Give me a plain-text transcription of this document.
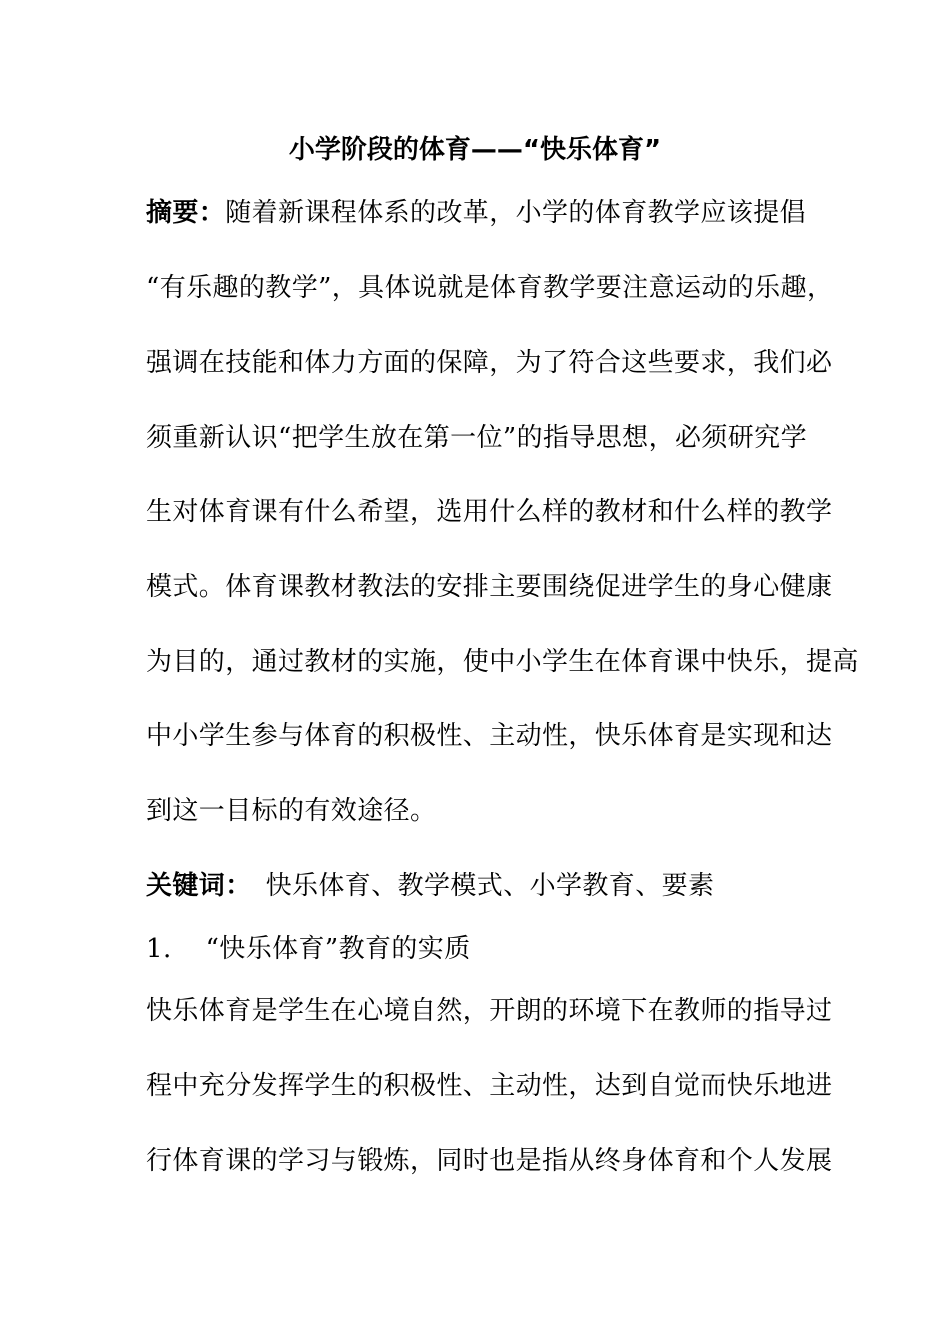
小学阶段的体育——“快乐体育”
摘要：随着新课程体系的改革，小学的体育教学应该提倡
“有乐趣的教学”，具体说就是体育教学要注意运动的乐趣，
强调在技能和体力方面的保障，为了符合这些要求，我们必
须重新认识“把学生放在第一位”的指导思想，必须研究学
生对体育课有什么希望，选用什么样的教材和什么样的教学
模式。体育课教材教法的安排主要围绕促进学生的身心健康
为目的，通过教材的实施，使中小学生在体育课中快乐，提高
中小学生参与体育的积极性、主动性，快乐体育是实现和达
到这一目标的有效途径。
关键词： 快乐体育、教学模式、小学教育、要素
1. “快乐体育”教育的实质
快乐体育是学生在心境自然，开朗的环境下在教师的指导过
程中充分发挥学生的积极性、主动性，达到自觉而快乐地进
行体育课的学习与锻炼，同时也是指从终身体育和个人发展
